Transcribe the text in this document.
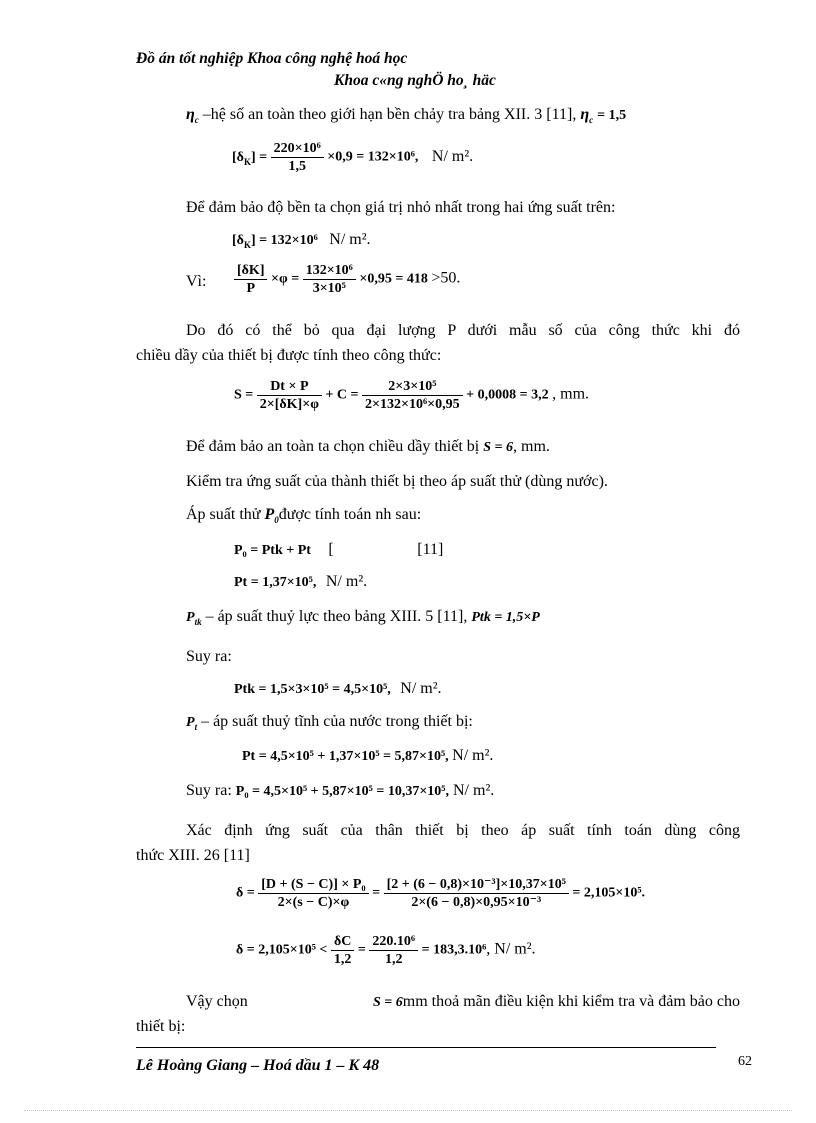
Đồ án tốt nghiệp Khoa công nghệ hoá học
Khoa c«ng nghÖ ho¸ häc
$\eta_c$ –hệ số an toàn theo giới hạn bền chảy tra bảng XII. 3 [11], $\eta_c = 1,5$
$[\delta_K] = \frac{\text{220×10⁶}}{1,5} \times 0,9 = 132\times 10^6$, N/ m².
Để đảm bảo độ bền ta chọn giá trị nhỏ nhất trong hai ứng suất trên:
$[\delta_K] = 132\times 10^6$ N/ m².
Vì: $\frac{[\delta K]}{P} \times\varphi = \frac{\text{132×10⁶}}{\text{3×10⁵}} \times 0,95 = 418 >50$.
Do đó có thể bỏ qua đại lượng P dưới mẫu số của công thức khi đó
chiều dầy của thiết bị được tính theo công thức:
$S = \frac{Dt \times P}{2\times[\delta K]\times\varphi} + C = \frac{\text{2×3×10⁵}}{\text{2×132×10⁶×0,95}} + 0,0008 = 3,2$ , mm.
Để đảm bảo an toàn ta chọn chiều dầy thiết bị S = 6, mm.
Kiểm tra ứng suất của thành thiết bị theo áp suất thử (dùng nước).
Áp suất thử $P_0được$ tính toán nh sau:
P₀ = Ptk + Pt [	[11]
Pt = 1,37×10⁵, N/ m².
$P_{tk}$ – áp suất thuỷ lực theo bảng XIII. 5 [11], Ptk = 1,5×P
Suy ra:
Ptk = 1,5×3×10⁵ = 4,5×10⁵, N/ m².
$P_t$ – áp suất thuỷ tĩnh của nước trong thiết bị:
Pt = 4,5×10⁵ + 1,37×10⁵ = 5,87×10⁵, N/ m².
Suy ra: P₀ = 4,5×10⁵ + 5,87×10⁵ = 10,37×10⁵, N/ m².
Xác định ứng suất của thân thiết bị theo áp suất tính toán dùng công
thức XIII. 26 [11]
$\delta = \frac{\text{[D + (S − C)] × P₀}}{2\times(s - C)\times\varphi} = \frac{\text{[2 + (6 − 0,8)×10⁻³]×10,37×10⁵}}{\text{2×(6 − 0,8)×0,95×10⁻³}} = 2,105\times 10^5$.
$\delta = 2,105\times 10^5 < \frac{\delta C}{1,2} = \frac{\text{220.10⁶}}{1,2} = 183,3.10^6$, N/ m².
Vậy chọn	S = 6mm thoả mãn điều kiện khi kiểm tra và đảm bảo cho
thiết bị:
Lê Hoàng Giang – Hoá dầu 1 – K 48	62
